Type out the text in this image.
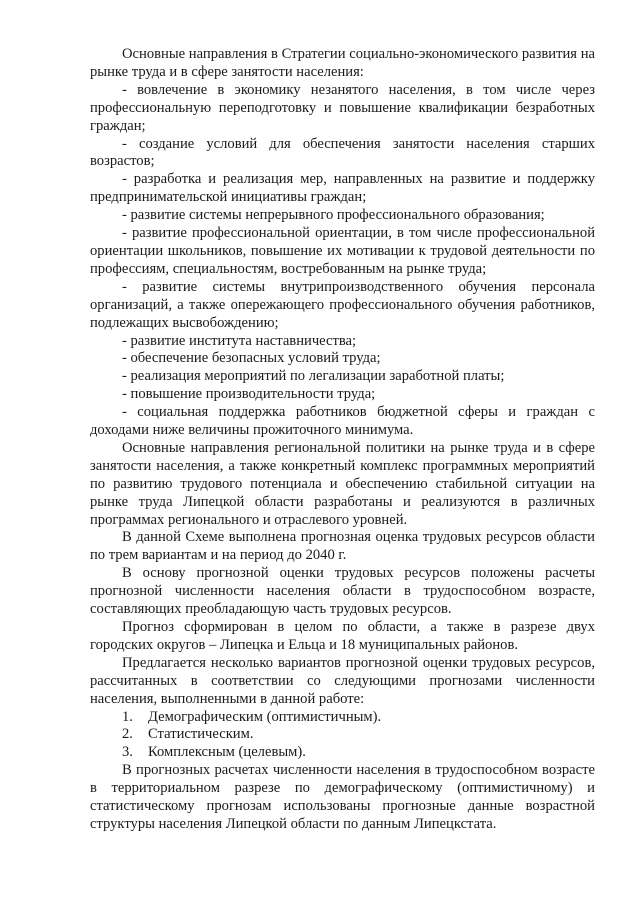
Основные направления в Стратегии социально-экономического развития на рынке труда и в сфере занятости населения:

- вовлечение в экономику незанятого населения, в том числе через профессиональную переподготовку и повышение квалификации безработных граждан;

- создание условий для обеспечения занятости населения старших возрастов;

- разработка и реализация мер, направленных на развитие и поддержку предпринимательской инициативы граждан;

- развитие системы непрерывного профессионального образования;

- развитие профессиональной ориентации, в том числе профессиональной ориентации школьников, повышение их мотивации к трудовой деятельности по профессиям, специальностям, востребованным на рынке труда;

- развитие системы внутрипроизводственного обучения персонала организаций, а также опережающего профессионального обучения работников, подлежащих высвобождению;

- развитие института наставничества;

- обеспечение безопасных условий труда;

- реализация мероприятий по легализации заработной платы;

- повышение производительности труда;

- социальная поддержка работников бюджетной сферы и граждан с доходами ниже величины прожиточного минимума.

Основные направления региональной политики на рынке труда и в сфере занятости населения, а также конкретный комплекс программных мероприятий по развитию трудового потенциала и обеспечению стабильной ситуации на рынке труда Липецкой области разработаны и реализуются в различных программах регионального и отраслевого уровней.

В данной Схеме выполнена прогнозная оценка трудовых ресурсов области по трем вариантам и на период до 2040 г.

В основу прогнозной оценки трудовых ресурсов положены расчеты прогнозной численности населения области в трудоспособном возрасте, составляющих преобладающую часть трудовых ресурсов.

Прогноз сформирован в целом по области, а также в разрезе двух городских округов – Липецка и Ельца и 18 муниципальных районов.

Предлагается несколько вариантов прогнозной оценки трудовых ресурсов, рассчитанных в соответствии со следующими прогнозами численности населения, выполненными в данной работе:

1. Демографическим (оптимистичным).
2. Статистическим.
3. Комплексным (целевым).

В прогнозных расчетах численности населения в трудоспособном возрасте в территориальном разрезе по демографическому (оптимистичному) и статистическому прогнозам использованы прогнозные данные возрастной структуры населения Липецкой области по данным Липецкстата.
